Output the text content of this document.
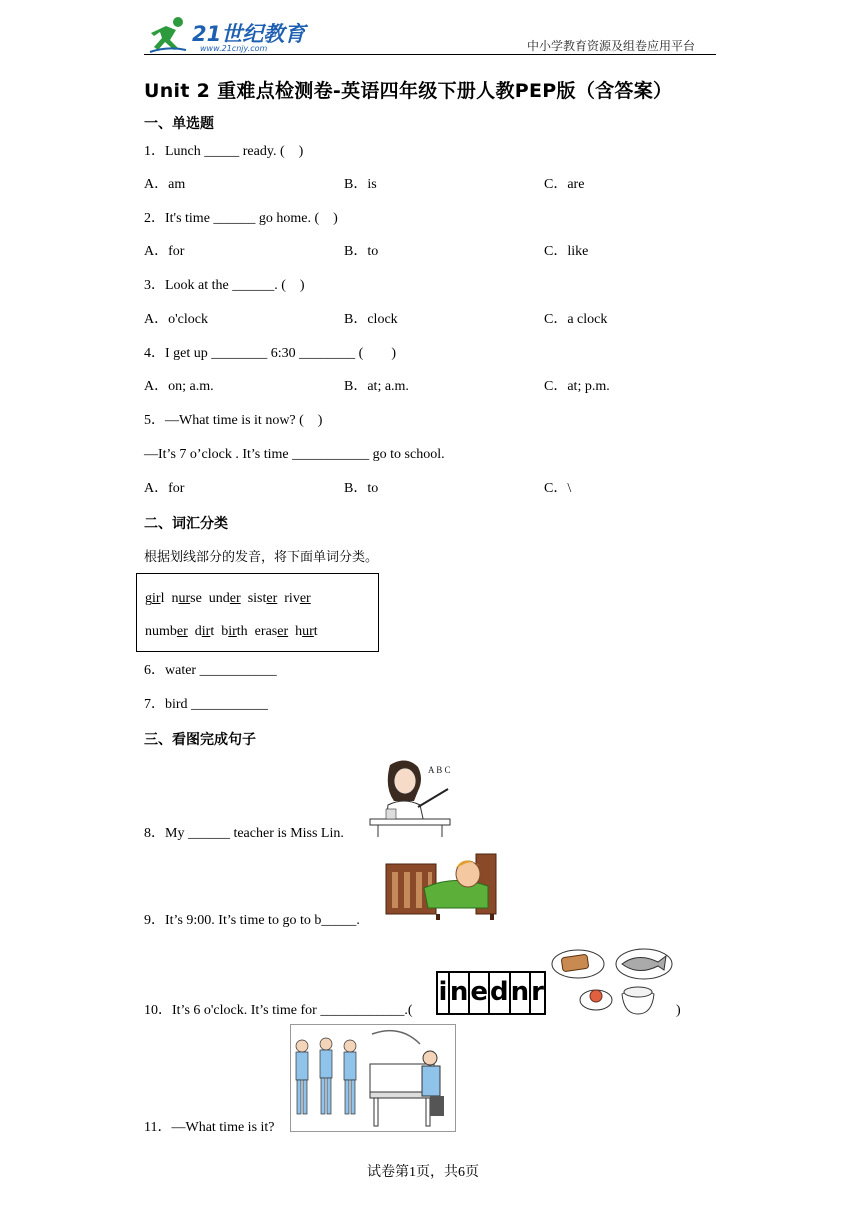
21世纪教育
www.21cnjy.com	中小学教育资源及组卷应用平台
Unit 2 重难点检测卷-英语四年级下册人教PEP版（含答案）
一、单选题
1．Lunch _____ ready. (　)
A．am	B．is	C．are
2．It's time ______ go home. (　)
A．for	B．to	C．like
3．Look at the ______. (　)
A．o'clock	B．clock	C．a clock
4．I get up ________ 6:30 ________ (　　)
A．on; a.m.	B．at; a.m.	C．at; p.m.
5．—What time is it now? (　)
—It’s 7 o’clock . It’s time ___________ go to school.
A．for	B．to	C．\
二、词汇分类
根据划线部分的发音，将下面单词分类。
girl  nurse  under  sister  river
number  dirt  birth  eraser  hurt
6．water ___________
7．bird ___________
三、看图完成句子
A B C
8．My ______ teacher is Miss Lin.
9．It’s 9:00. It’s time to go to b_____.
10．It’s 6 o'clock. It’s time for ____________.(
i n e d n r
)
11．—What time is it?
试卷第1页，共6页
